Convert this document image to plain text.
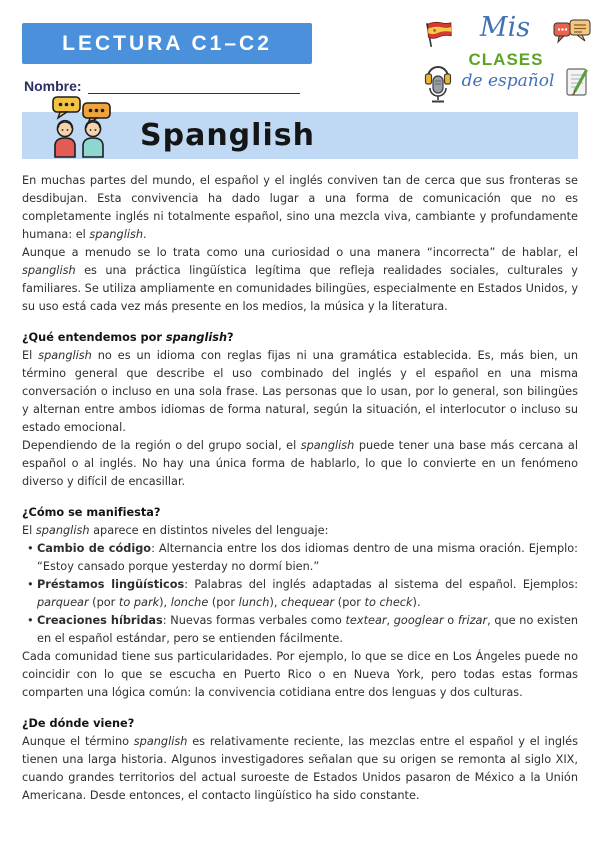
LECTURA C1–C2
Nombre:
Mis
CLASES
de español
Spanglish

En muchas partes del mundo, el español y el inglés conviven tan de cerca que sus fronteras se desdibujan. Esta convivencia ha dado lugar a una forma de comunicación que no es completamente inglés ni totalmente español, sino una mezcla viva, cambiante y profundamente humana: el spanglish.

Aunque a menudo se lo trata como una curiosidad o una manera “incorrecta” de hablar, el spanglish es una práctica lingüística legítima que refleja realidades sociales, culturales y familiares. Se utiliza ampliamente en comunidades bilingües, especialmente en Estados Unidos, y su uso está cada vez más presente en los medios, la música y la literatura.

¿Qué entendemos por spanglish?

El spanglish no es un idioma con reglas fijas ni una gramática establecida. Es, más bien, un término general que describe el uso combinado del inglés y el español en una misma conversación o incluso en una sola frase. Las personas que lo usan, por lo general, son bilingües y alternan entre ambos idiomas de forma natural, según la situación, el interlocutor o incluso su estado emocional.

Dependiendo de la región o del grupo social, el spanglish puede tener una base más cercana al español o al inglés. No hay una única forma de hablarlo, lo que lo convierte en un fenómeno diverso y difícil de encasillar.

¿Cómo se manifiesta?

El spanglish aparece en distintos niveles del lenguaje:

• Cambio de código: Alternancia entre los dos idiomas dentro de una misma oración. Ejemplo: “Estoy cansado porque yesterday no dormí bien.”

• Préstamos lingüísticos: Palabras del inglés adaptadas al sistema del español. Ejemplos: parquear (por to park), lonche (por lunch), chequear (por to check).

• Creaciones híbridas: Nuevas formas verbales como textear, googlear o frizar, que no existen en el español estándar, pero se entienden fácilmente.

Cada comunidad tiene sus particularidades. Por ejemplo, lo que se dice en Los Ángeles puede no coincidir con lo que se escucha en Puerto Rico o en Nueva York, pero todas estas formas comparten una lógica común: la convivencia cotidiana entre dos lenguas y dos culturas.

¿De dónde viene?

Aunque el término spanglish es relativamente reciente, las mezclas entre el español y el inglés tienen una larga historia. Algunos investigadores señalan que su origen se remonta al siglo XIX, cuando grandes territorios del actual suroeste de Estados Unidos pasaron de México a la Unión Americana. Desde entonces, el contacto lingüístico ha sido constante.
